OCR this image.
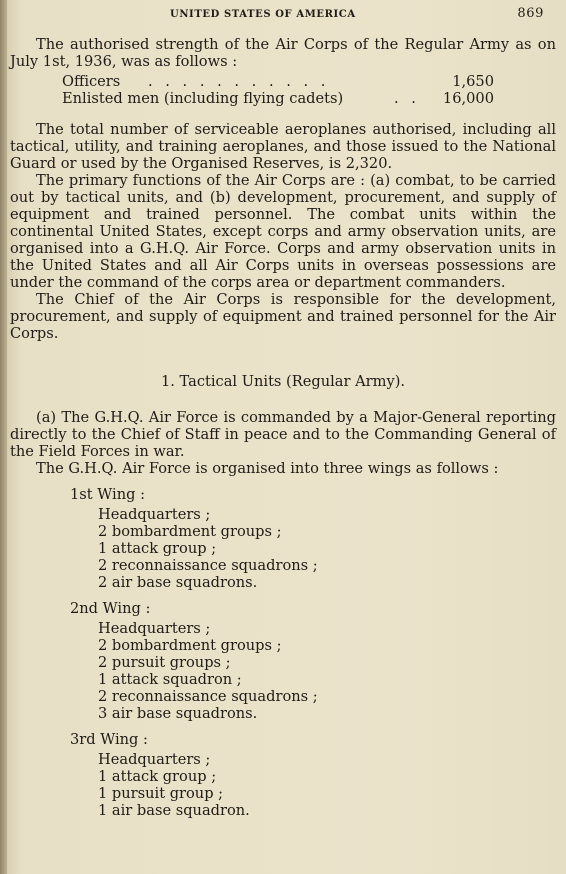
UNITED STATES OF AMERICA	869

The authorised strength of the Air Corps of the Regular Army as on July 1st, 1936, was as follows :

Officers . . . . . . . . . . .	1,650
Enlisted men (including flying cadets)	. . 16,000

The total number of serviceable aeroplanes authorised, including all tactical, utility, and training aeroplanes, and those issued to the National Guard or used by the Organised Reserves, is 2,320.

The primary functions of the Air Corps are : (a) combat, to be carried out by tactical units, and (b) development, procurement, and supply of equipment and trained personnel. The combat units within the continental United States, except corps and army observation units, are organised into a G.H.Q. Air Force. Corps and army observation units in the United States and all Air Corps units in overseas possessions are under the command of the corps area or department commanders.

The Chief of the Air Corps is responsible for the development, procurement, and supply of equipment and trained personnel for the Air Corps.

1. Tactical Units (Regular Army).

(a) The G.H.Q. Air Force is commanded by a Major-General reporting directly to the Chief of Staff in peace and to the Commanding General of the Field Forces in war.

The G.H.Q. Air Force is organised into three wings as follows :

1st Wing :

Headquarters ;
2 bombardment groups ;
1 attack group ;
2 reconnaissance squadrons ;
2 air base squadrons.

2nd Wing :

Headquarters ;
2 bombardment groups ;
2 pursuit groups ;
1 attack squadron ;
2 reconnaissance squadrons ;
3 air base squadrons.

3rd Wing :

Headquarters ;
1 attack group ;
1 pursuit group ;
1 air base squadron.
